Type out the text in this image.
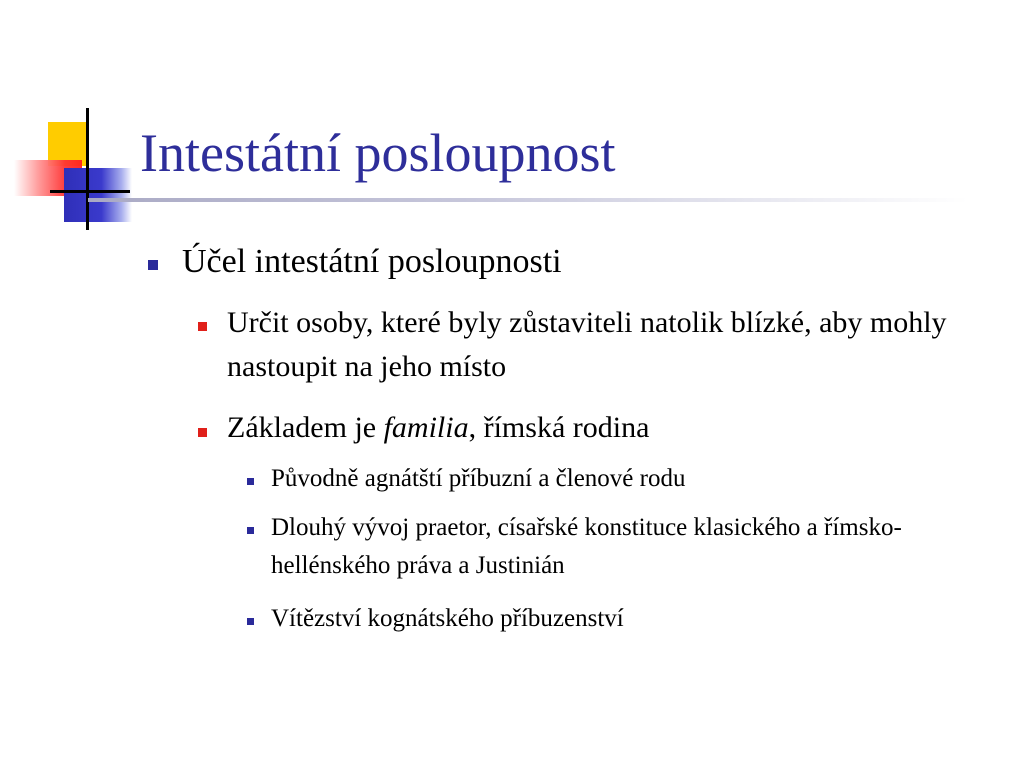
Intestátní posloupnost
Účel intestátní posloupnosti
Určit osoby, které byly zůstaviteli natolik blízké, aby mohly nastoupit na jeho místo
Základem je familia, římská rodina
Původně agnátští příbuzní a členové rodu
Dlouhý vývoj praetor, císařské konstituce klasického a římsko-hellénského práva a Justinián
Vítězství kognátského příbuzenství
